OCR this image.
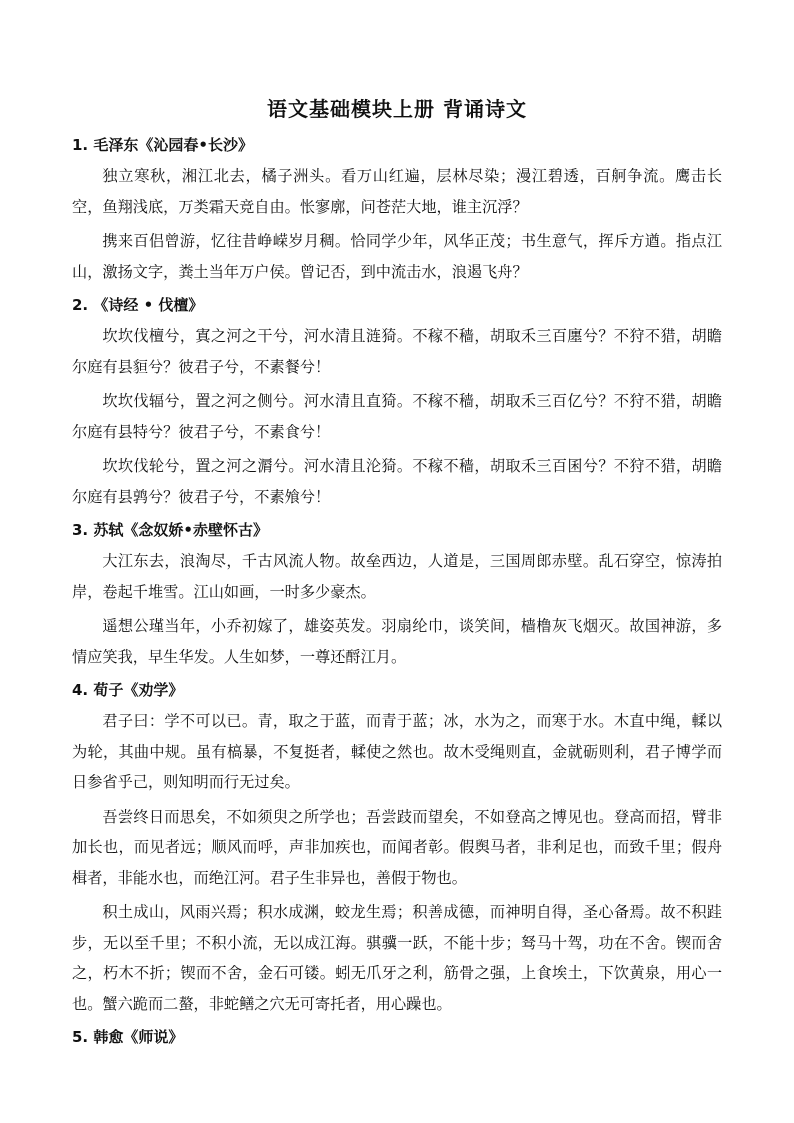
语文基础模块上册 背诵诗文
1. 毛泽东《沁园春•长沙》

独立寒秋，湘江北去，橘子洲头。看万山红遍，层林尽染；漫江碧透，百舸争流。鹰击长空，鱼翔浅底，万类霜天竞自由。怅寥廓，问苍茫大地，谁主沉浮？

携来百侣曾游，忆往昔峥嵘岁月稠。恰同学少年，风华正茂；书生意气，挥斥方遒。指点江山，激扬文字，粪土当年万户侯。曾记否，到中流击水，浪遏飞舟？

2. 《诗经 • 伐檀》

坎坎伐檀兮，寘之河之干兮，河水清且涟猗。不稼不穑，胡取禾三百廛兮？不狩不猎，胡瞻尔庭有县貆兮？彼君子兮，不素餐兮！

坎坎伐辐兮，置之河之侧兮。河水清且直猗。不稼不穑，胡取禾三百亿兮？不狩不猎，胡瞻尔庭有县特兮？彼君子兮，不素食兮！

坎坎伐轮兮，置之河之漘兮。河水清且沦猗。不稼不穑，胡取禾三百囷兮？不狩不猎，胡瞻尔庭有县鹑兮？彼君子兮，不素飧兮！

3. 苏轼《念奴娇•赤壁怀古》

大江东去，浪淘尽，千古风流人物。故垒西边，人道是，三国周郎赤壁。乱石穿空，惊涛拍岸，卷起千堆雪。江山如画，一时多少豪杰。

遥想公瑾当年，小乔初嫁了，雄姿英发。羽扇纶巾，谈笑间，樯橹灰飞烟灭。故国神游，多情应笑我，早生华发。人生如梦，一尊还酹江月。

4. 荀子《劝学》

君子曰：学不可以已。青，取之于蓝，而青于蓝；冰，水为之，而寒于水。木直中绳，輮以为轮，其曲中规。虽有槁暴，不复挺者，輮使之然也。故木受绳则直，金就砺则利，君子博学而日参省乎己，则知明而行无过矣。

吾尝终日而思矣，不如须臾之所学也；吾尝跂而望矣，不如登高之博见也。登高而招，臂非加长也，而见者远；顺风而呼，声非加疾也，而闻者彰。假舆马者，非利足也，而致千里；假舟楫者，非能水也，而绝江河。君子生非异也，善假于物也。

积土成山，风雨兴焉；积水成渊，蛟龙生焉；积善成德，而神明自得，圣心备焉。故不积跬步，无以至千里；不积小流，无以成江海。骐骥一跃，不能十步；驽马十驾，功在不舍。锲而舍之，朽木不折；锲而不舍，金石可镂。蚓无爪牙之利，筋骨之强，上食埃土，下饮黄泉，用心一也。蟹六跪而二螯，非蛇鳝之穴无可寄托者，用心躁也。

5. 韩愈《师说》
